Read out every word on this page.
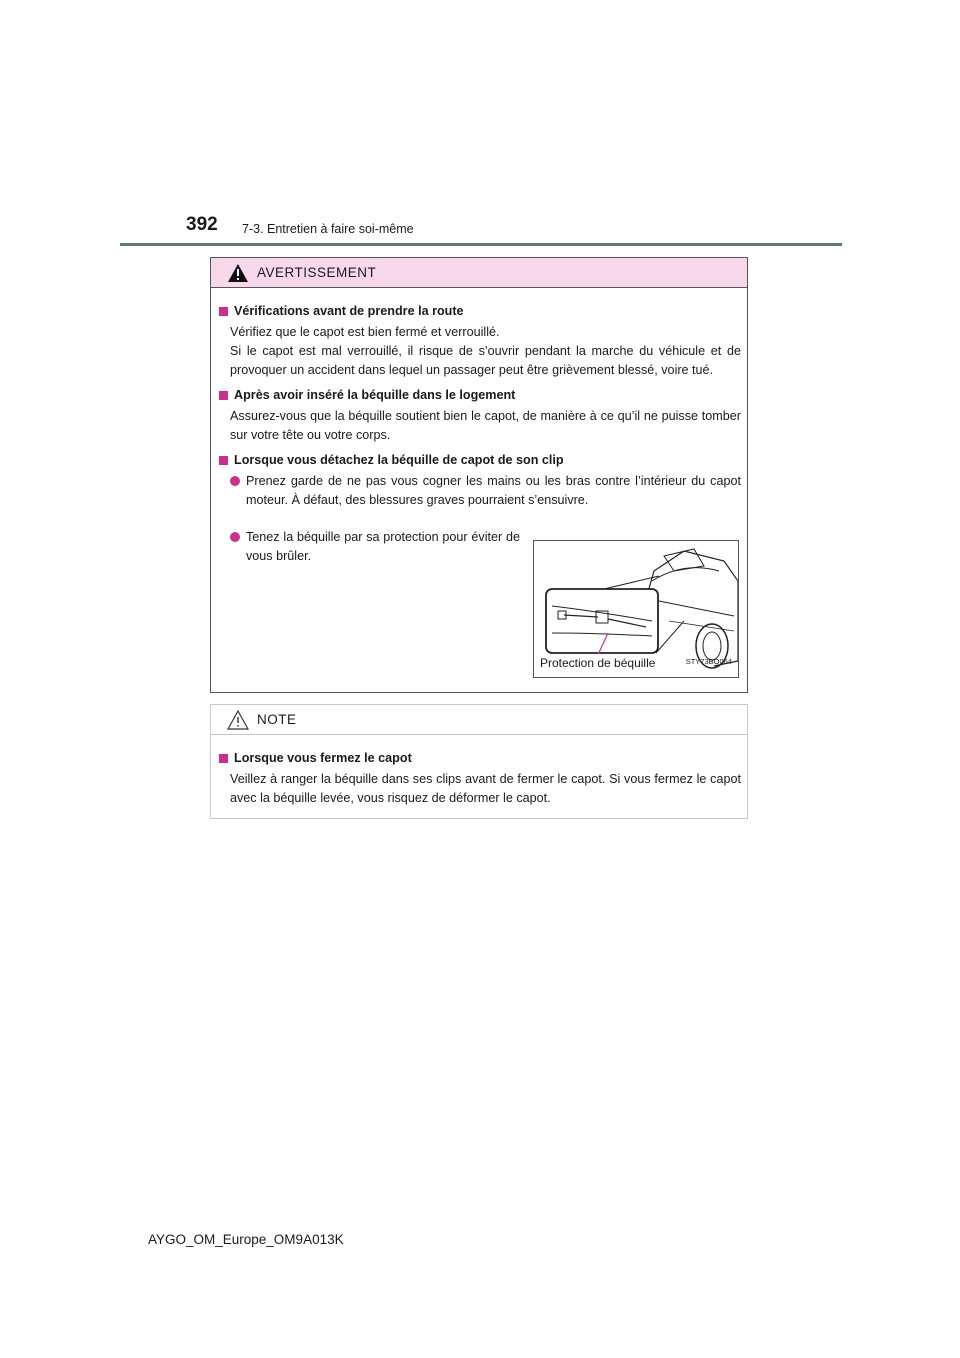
392 7-3. Entretien à faire soi-même
AVERTISSEMENT
Vérifications avant de prendre la route
Vérifiez que le capot est bien fermé et verrouillé.
Si le capot est mal verrouillé, il risque de s’ouvrir pendant la marche du véhicule et de provoquer un accident dans lequel un passager peut être grièvement blessé, voire tué.
Après avoir inséré la béquille dans le logement
Assurez-vous que la béquille soutient bien le capot, de manière à ce qu’il ne puisse tomber sur votre tête ou votre corps.
Lorsque vous détachez la béquille de capot de son clip
Prenez garde de ne pas vous cogner les mains ou les bras contre l’intérieur du capot moteur. À défaut, des blessures graves pourraient s’ensuivre.
Tenez la béquille par sa protection pour éviter de vous brûler.
Protection de béquille	STY73BO064
NOTE
Lorsque vous fermez le capot
Veillez à ranger la béquille dans ses clips avant de fermer le capot. Si vous fermez le capot avec la béquille levée, vous risquez de déformer le capot.
AYGO_OM_Europe_OM9A013K
